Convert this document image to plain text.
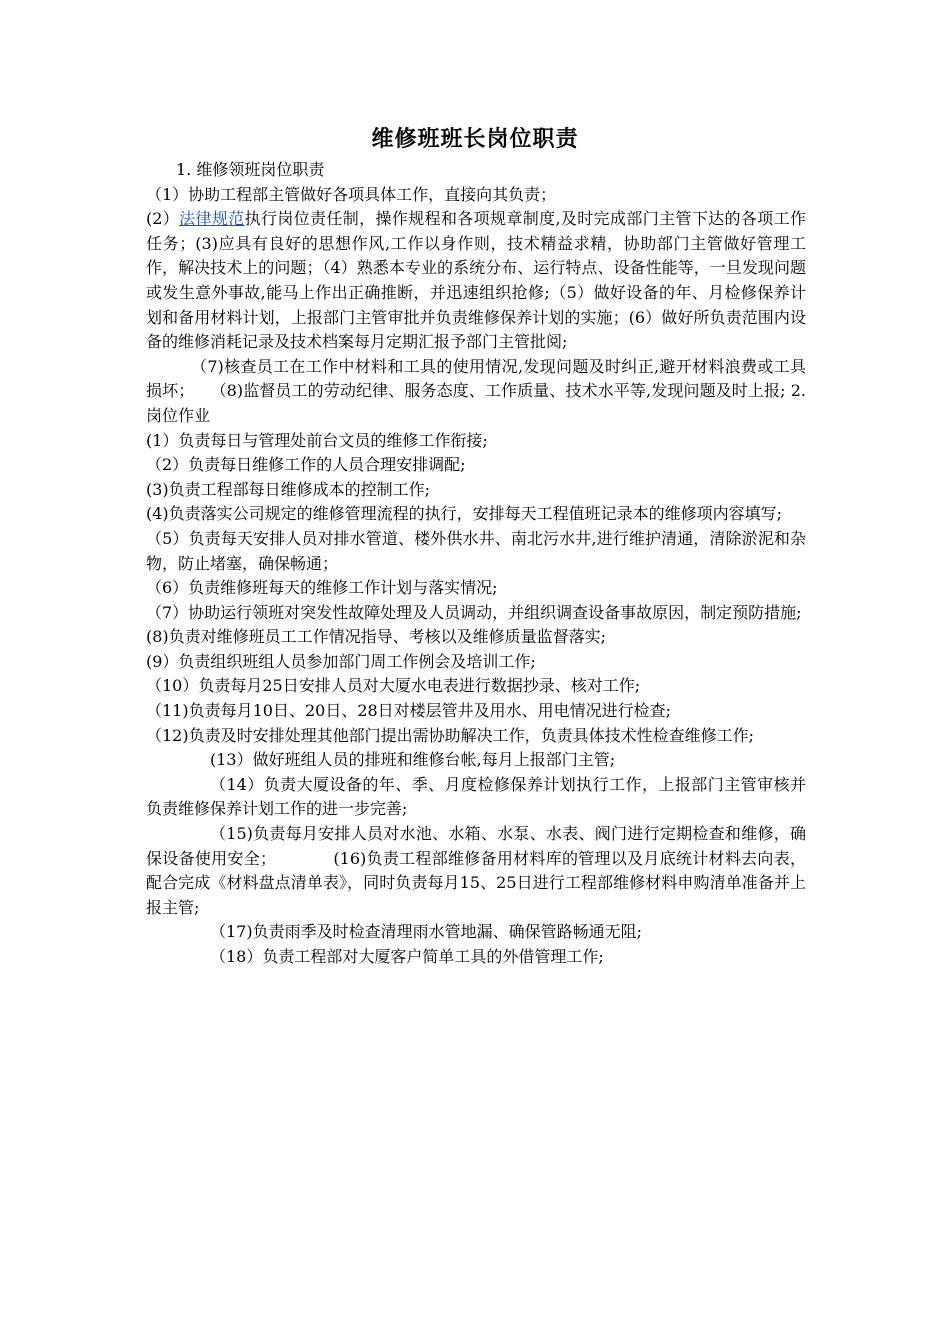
维修班班长岗位职责

1. 维修领班岗位职责

（1）协助工程部主管做好各项具体工作，直接向其负责；

(2）法律规范执行岗位责任制，操作规程和各项规章制度,及时完成部门主管下达的各项工作任务；(3)应具有良好的思想作风,工作以身作则，技术精益求精，协助部门主管做好管理工作，解决技术上的问题；（4）熟悉本专业的系统分布、运行特点、设备性能等，一旦发现问题或发生意外事故,能马上作出正确推断，并迅速组织抢修;（5）做好设备的年、月检修保养计划和备用材料计划，上报部门主管审批并负责维修保养计划的实施；(6）做好所负责范围内设备的维修消耗记录及技术档案每月定期汇报予部门主管批阅;

（7)核查员工在工作中材料和工具的使用情况,发现问题及时纠正,避开材料浪费或工具损坏；　　（8)监督员工的劳动纪律、服务态度、工作质量、技术水平等,发现问题及时上报; 2. 岗位作业

(1）负责每日与管理处前台文员的维修工作衔接;

（2）负责每日维修工作的人员合理安排调配;

(3)负责工程部每日维修成本的控制工作;

(4)负责落实公司规定的维修管理流程的执行，安排每天工程值班记录本的维修项内容填写;

（5）负责每天安排人员对排水管道、楼外供水井、南北污水井,进行维护清通，清除淤泥和杂物，防止堵塞，确保畅通；

（6）负责维修班每天的维修工作计划与落实情况;

（7）协助运行领班对突发性故障处理及人员调动，并组织调查设备事故原因，制定预防措施;

(8)负责对维修班员工工作情况指导、考核以及维修质量监督落实;

(9）负责组织班组人员参加部门周工作例会及培训工作;

（10）负责每月25日安排人员对大厦水电表进行数据抄录、核对工作;

（11)负责每月10日、20日、28日对楼层管井及用水、用电情况进行检查;

（12)负责及时安排处理其他部门提出需协助解决工作，负责具体技术性检查维修工作;

(13）做好班组人员的排班和维修台帐,每月上报部门主管;

（14）负责大厦设备的年、季、月度检修保养计划执行工作，上报部门主管审核并负责维修保养计划工作的进一步完善;

（15)负责每月安排人员对水池、水箱、水泵、水表、阀门进行定期检查和维修，确保设备使用安全；　　　　(16)负责工程部维修备用材料库的管理以及月底统计材料去向表，配合完成《材料盘点清单表》，同时负责每月15、25日进行工程部维修材料申购清单准备并上报主管;

（17)负责雨季及时检查清理雨水管地漏、确保管路畅通无阻;

（18）负责工程部对大厦客户简单工具的外借管理工作;
